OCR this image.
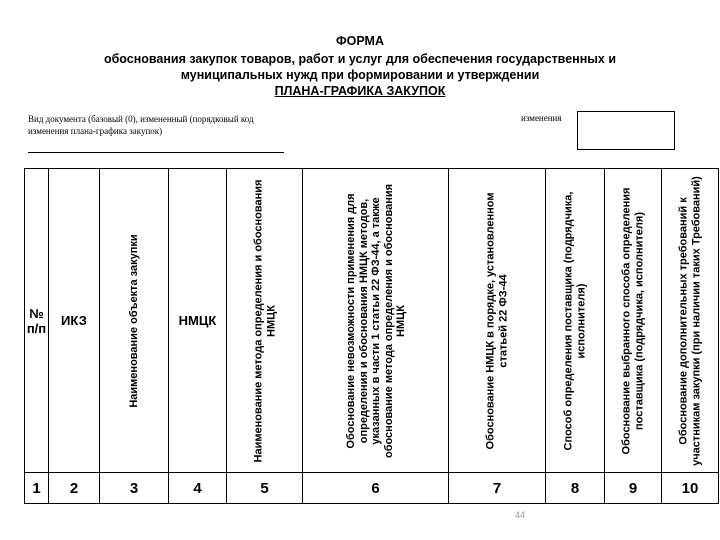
ФОРМА
обоснования закупок товаров, работ и услуг для обеспечения государственных и
муниципальных нужд при формировании и утверждении
ПЛАНА-ГРАФИКА ЗАКУПОК
Вид документа (базовый (0), измененный (порядковый код изменения плана-графика закупок)
изменения
№ п/п	ИКЗ	Наименование объекта закупки	НМЦК	Наименование метода определения и обоснования НМЦК	Обоснование невозможности применения для определения и обоснования НМЦК методов, указанных в части 1 статьи 22 ФЗ-44, а также обоснование метода определения и обоснования НМЦК	Обоснование НМЦК в порядке, установленном статьей 22 ФЗ-44	Способ определения поставщика (подрядчика, исполнителя)	Обоснование выбранного способа определения поставщика (подрядчика, исполнителя)	Обоснование дополнительных требований к участникам закупки (при наличии таких Требований)

1	2	3	4	5	6	7	8	9	10
44
